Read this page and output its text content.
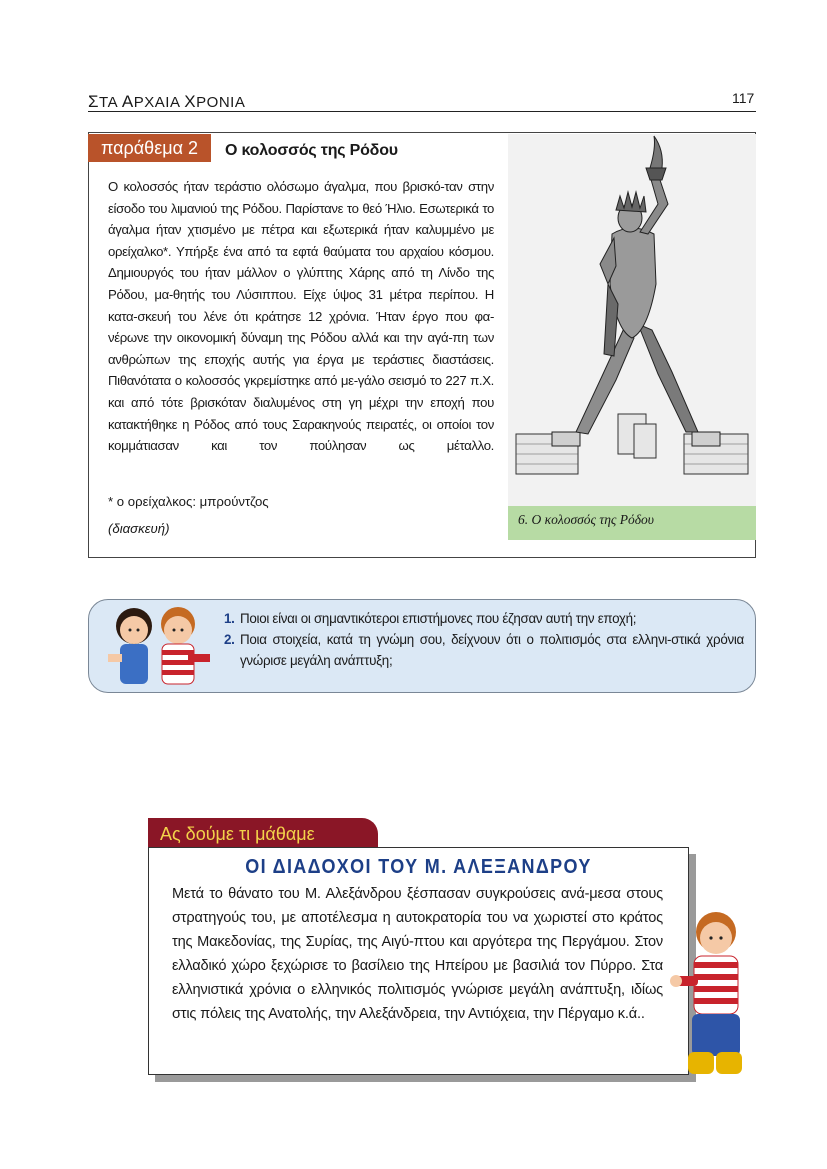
ΣΤΑ ΑΡΧΑΙΑ ΧΡΟΝΙΑ	117
παράθεμα 2	Ο κολοσσός της Ρόδου

Ο κολοσσός ήταν τεράστιο ολόσωμο άγαλμα, που βρισκό-ταν στην είσοδο του λιμανιού της Ρόδου. Παρίστανε το θεό Ήλιο. Εσωτερικά το άγαλμα ήταν χτισμένο με πέτρα και εξωτερικά ήταν καλυμμένο με ορείχαλκο*. Υπήρξε ένα από τα εφτά θαύματα του αρχαίου κόσμου. Δημιουργός του ήταν μάλλον ο γλύπτης Χάρης από τη Λίνδο της Ρόδου, μα-θητής του Λύσιππου. Είχε ύψος 31 μέτρα περίπου. Η κατα-σκευή του λένε ότι κράτησε 12 χρόνια. Ήταν έργο που φα-νέρωνε την οικονομική δύναμη της Ρόδου αλλά και την αγά-πη των ανθρώπων της εποχής αυτής για έργα με τεράστιες διαστάσεις. Πιθανότατα ο κολοσσός γκρεμίστηκε από με-γάλο σεισμό το 227 π.Χ. και από τότε βρισκόταν διαλυμένος στη γη μέχρι την εποχή που κατακτήθηκε η Ρόδος από τους Σαρακηνούς πειρατές, οι οποίοι τον κομμάτιασαν και τον πούλησαν ως μέταλλο.

* ο ορείχαλκος: μπρούντζος
(διασκευή)
6. Ο κολοσσός της Ρόδου
1. Ποιοι είναι οι σημαντικότεροι επιστήμονες που έζησαν αυτή την εποχή;
2. Ποια στοιχεία, κατά τη γνώμη σου, δείχνουν ότι ο πολιτισμός στα ελληνι-στικά χρόνια γνώρισε μεγάλη ανάπτυξη;
Ας δούμε τι μάθαμε
ΟΙ ΔΙΑΔΟΧΟΙ ΤΟΥ Μ. ΑΛΕΞΑΝΔΡΟΥ

Μετά το θάνατο του Μ. Αλεξάνδρου ξέσπασαν συγκρούσεις ανά-μεσα στους στρατηγούς του, με αποτέλεσμα η αυτοκρατορία του να χωριστεί στο κράτος της Μακεδονίας, της Συρίας, της Αιγύ-πτου και αργότερα της Περγάμου. Στον ελλαδικό χώρο ξεχώρισε το βασίλειο της Ηπείρου με βασιλιά τον Πύρρο. Στα ελληνιστικά χρόνια ο ελληνικός πολιτισμός γνώρισε μεγάλη ανάπτυξη, ιδίως στις πόλεις της Ανατολής, την Αλεξάνδρεια, την Αντιόχεια, την Πέργαμο κ.ά..
